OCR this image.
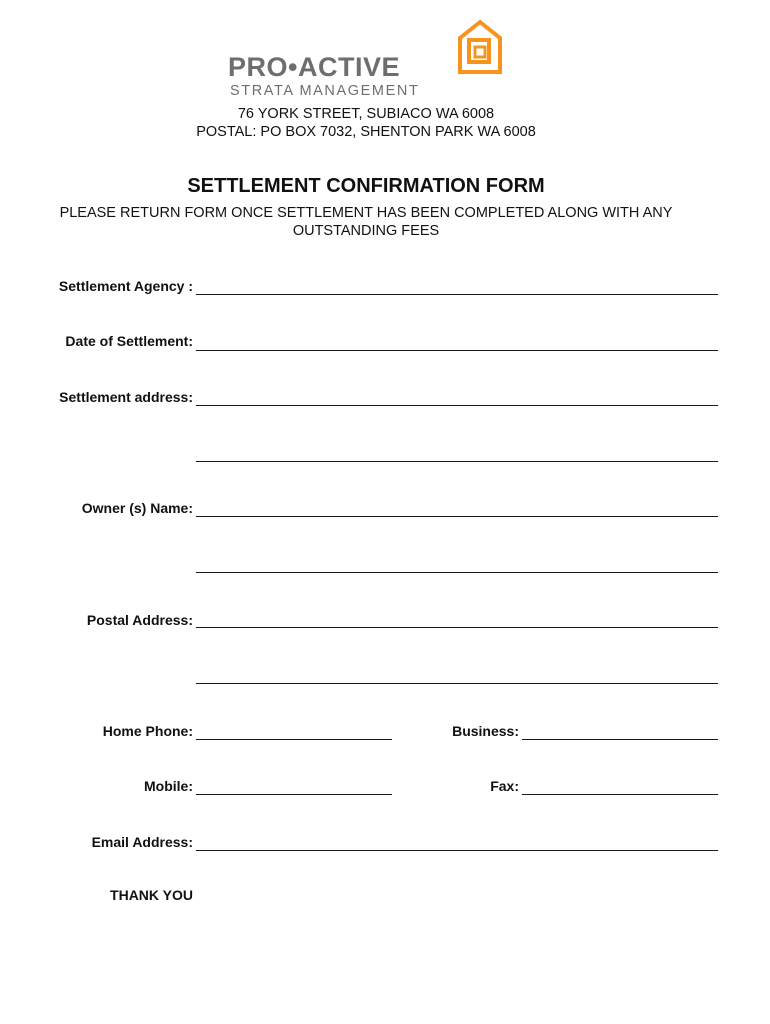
PRO•ACTIVE
STRATA MANAGEMENT
76 YORK STREET, SUBIACO WA 6008
POSTAL: PO BOX 7032, SHENTON PARK WA 6008
SETTLEMENT CONFIRMATION FORM
PLEASE RETURN FORM ONCE SETTLEMENT HAS BEEN COMPLETED ALONG WITH ANY
OUTSTANDING FEES
Settlement Agency :
Date of Settlement:
Settlement address:
Owner (s) Name:
Postal Address:
Home Phone:	Business:
Mobile:	Fax:
Email Address:
THANK YOU
